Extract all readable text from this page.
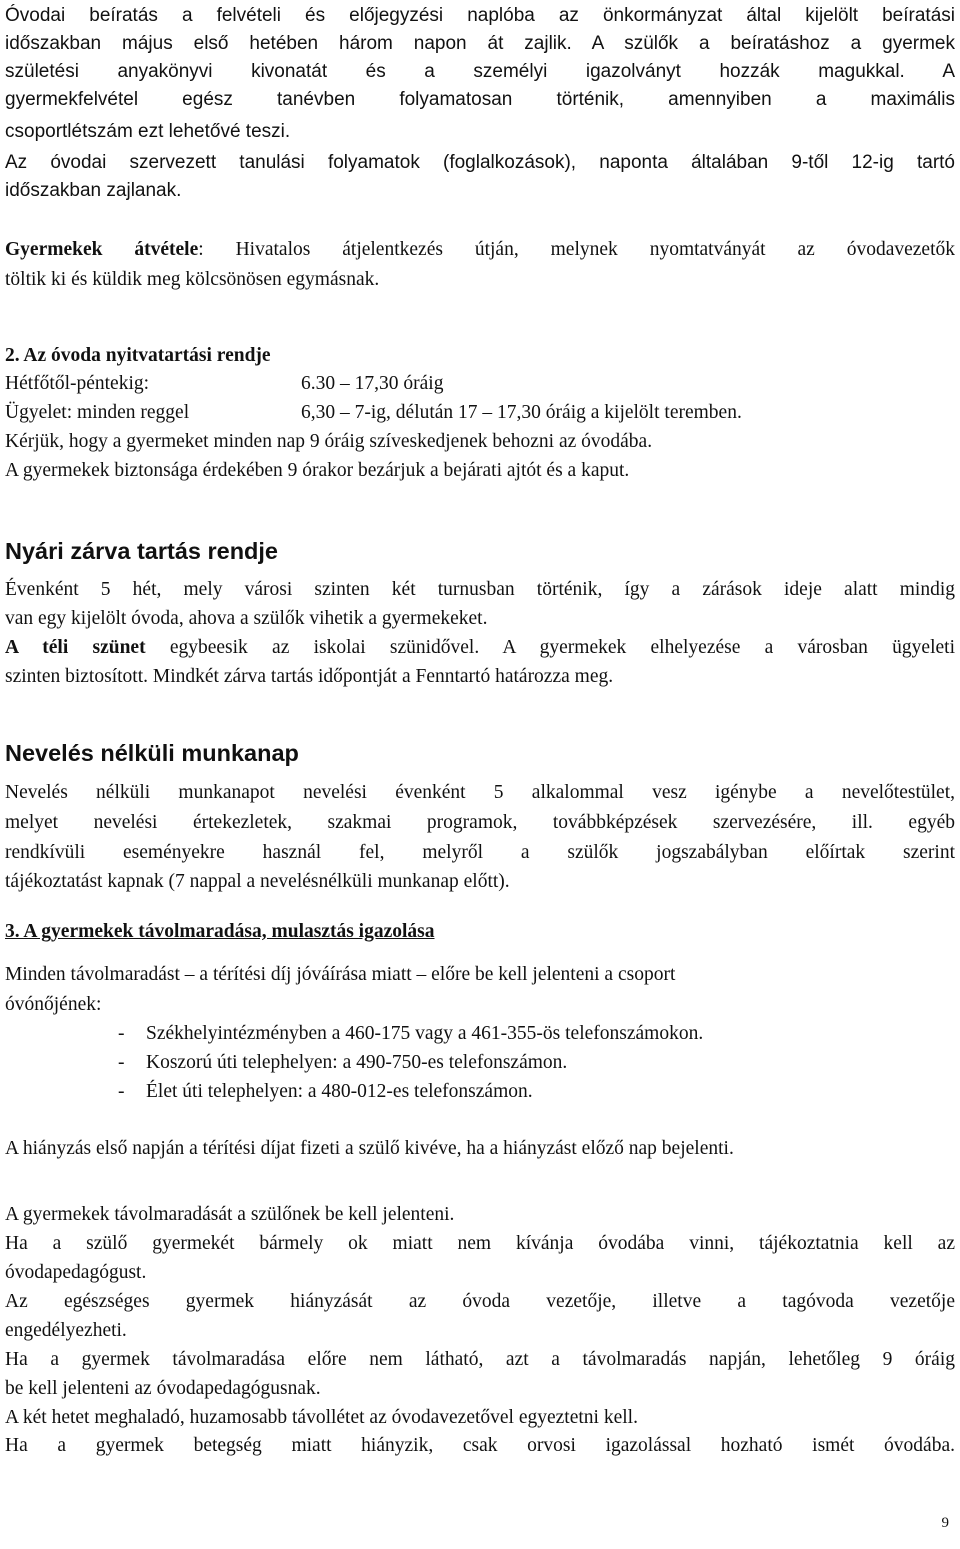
Óvodai beíratás a felvételi és előjegyzési naplóba az önkormányzat által kijelölt beíratási
időszakban május első hetében három napon át zajlik. A szülők a beíratáshoz a gyermek
születési anyakönyvi kivonatát és a személyi igazolványt hozzák magukkal. A
gyermekfelvétel egész tanévben folyamatosan történik, amennyiben a maximális
csoportlétszám ezt lehetővé teszi.
Az óvodai szervezett tanulási folyamatok (foglalkozások), naponta általában 9-től 12-ig tartó
időszakban zajlanak.
Gyermekek átvétele: Hivatalos átjelentkezés útján, melynek nyomtatványát az óvodavezetők
töltik ki és küldik meg kölcsönösen egymásnak.
2. Az óvoda nyitvatartási rendje
Hétfőtől-péntekig:	6.30 – 17,30 óráig
Ügyelet: minden reggel	6,30 – 7-ig, délután 17 – 17,30 óráig a kijelölt teremben.
Kérjük, hogy a gyermeket minden nap 9 óráig szíveskedjenek behozni az óvodába.
A gyermekek biztonsága érdekében 9 órakor bezárjuk a bejárati ajtót és a kaput.
Nyári zárva tartás rendje
Évenként 5 hét, mely városi szinten két turnusban történik, így a zárások ideje alatt mindig
van egy kijelölt óvoda, ahova a szülők vihetik a gyermekeket.
A téli szünet egybeesik az iskolai szünidővel. A gyermekek elhelyezése a városban ügyeleti
szinten biztosított. Mindkét zárva tartás időpontját a Fenntartó határozza meg.
Nevelés nélküli munkanap
Nevelés nélküli munkanapot nevelési évenként 5 alkalommal vesz igénybe a nevelőtestület,
melyet nevelési értekezletek, szakmai programok, továbbképzések szervezésére, ill. egyéb
rendkívüli eseményekre használ fel, melyről a szülők jogszabályban előírtak szerint
tájékoztatást kapnak (7 nappal a nevelésnélküli munkanap előtt).
3. A gyermekek távolmaradása, mulasztás igazolása
Minden távolmaradást – a térítési díj jóváírása miatt – előre be kell jelenteni a csoport
óvónőjének:
- Székhelyintézményben a 460-175 vagy a 461-355-ös telefonszámokon.
- Koszorú úti telephelyen: a 490-750-es telefonszámon.
- Élet úti telephelyen: a 480-012-es telefonszámon.
A hiányzás első napján a térítési díjat fizeti a szülő kivéve, ha a hiányzást előző nap bejelenti.
A gyermekek távolmaradását a szülőnek be kell jelenteni.
Ha a szülő gyermekét bármely ok miatt nem kívánja óvodába vinni, tájékoztatnia kell az
óvodapedagógust.
Az egészséges gyermek hiányzását az óvoda vezetője, illetve a tagóvoda vezetője
engedélyezheti.
Ha a gyermek távolmaradása előre nem látható, azt a távolmaradás napján, lehetőleg 9 óráig
be kell jelenteni az óvodapedagógusnak.
A két hetet meghaladó, huzamosabb távollétet az óvodavezetővel egyeztetni kell.
Ha a gyermek betegség miatt hiányzik, csak orvosi igazolással hozható ismét óvodába.
9
